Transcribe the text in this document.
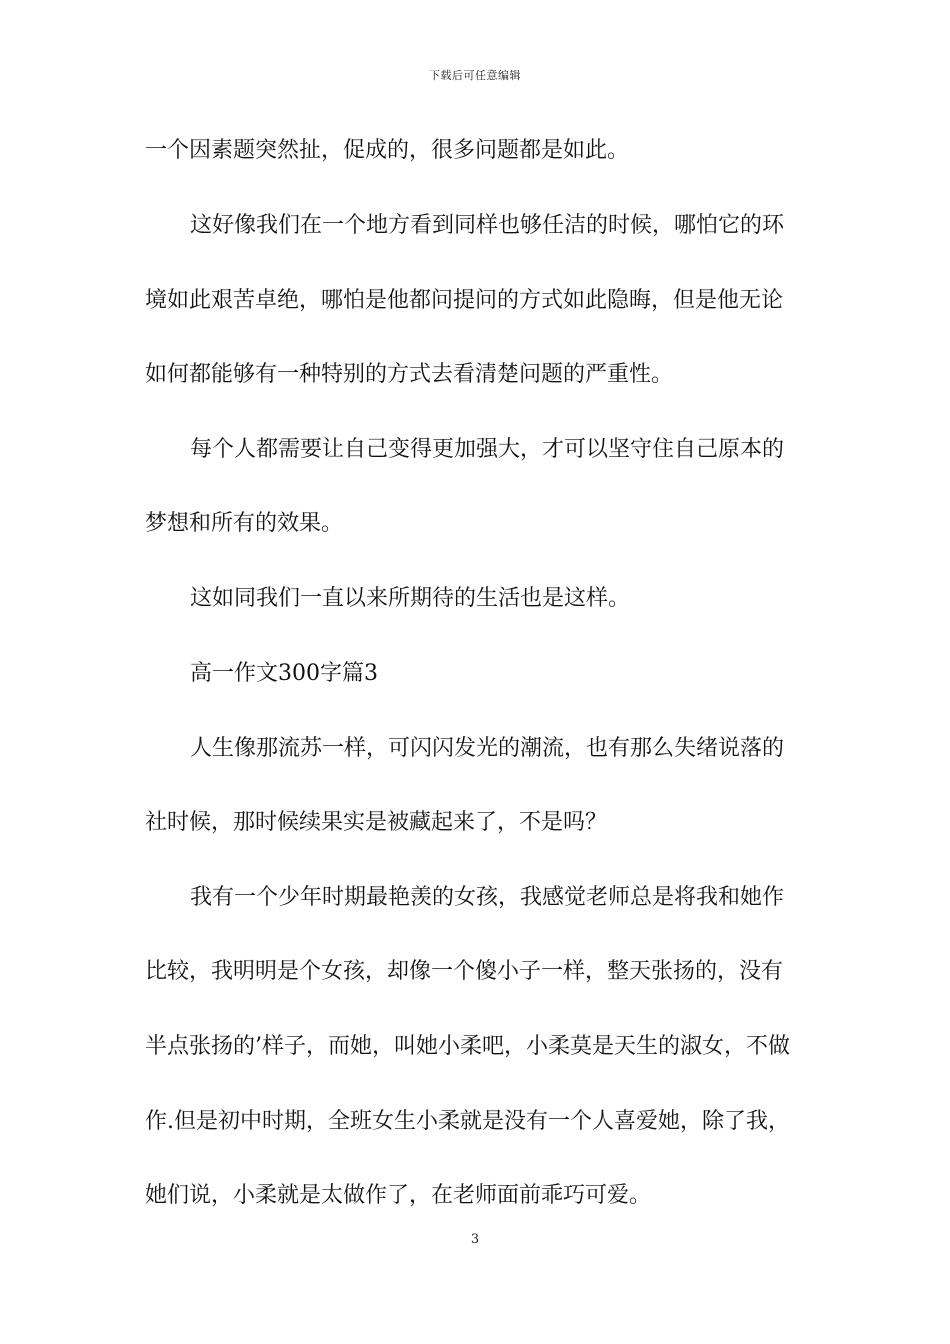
下载后可任意编辑
一个因素题突然扯，促成的，很多问题都是如此。
这好像我们在一个地方看到同样也够任洁的时候，哪怕它的环
境如此艰苦卓绝，哪怕是他都问提问的方式如此隐晦，但是他无论
如何都能够有一种特别的方式去看清楚问题的严重性。
每个人都需要让自己变得更加强大，才可以坚守住自己原本的
梦想和所有的效果。
这如同我们一直以来所期待的生活也是这样。
高一作文300字篇3
人生像那流苏一样，可闪闪发光的潮流，也有那么失绪说落的
社时候，那时候续果实是被藏起来了，不是吗？
我有一个少年时期最艳羡的女孩，我感觉老师总是将我和她作
比较，我明明是个女孩，却像一个傻小子一样，整天张扬的，没有
半点张扬的’样子，而她，叫她小柔吧，小柔莫是天生的淑女，不做
作.但是初中时期，全班女生小柔就是没有一个人喜爱她，除了我，
她们说，小柔就是太做作了，在老师面前乖巧可爱。
3
